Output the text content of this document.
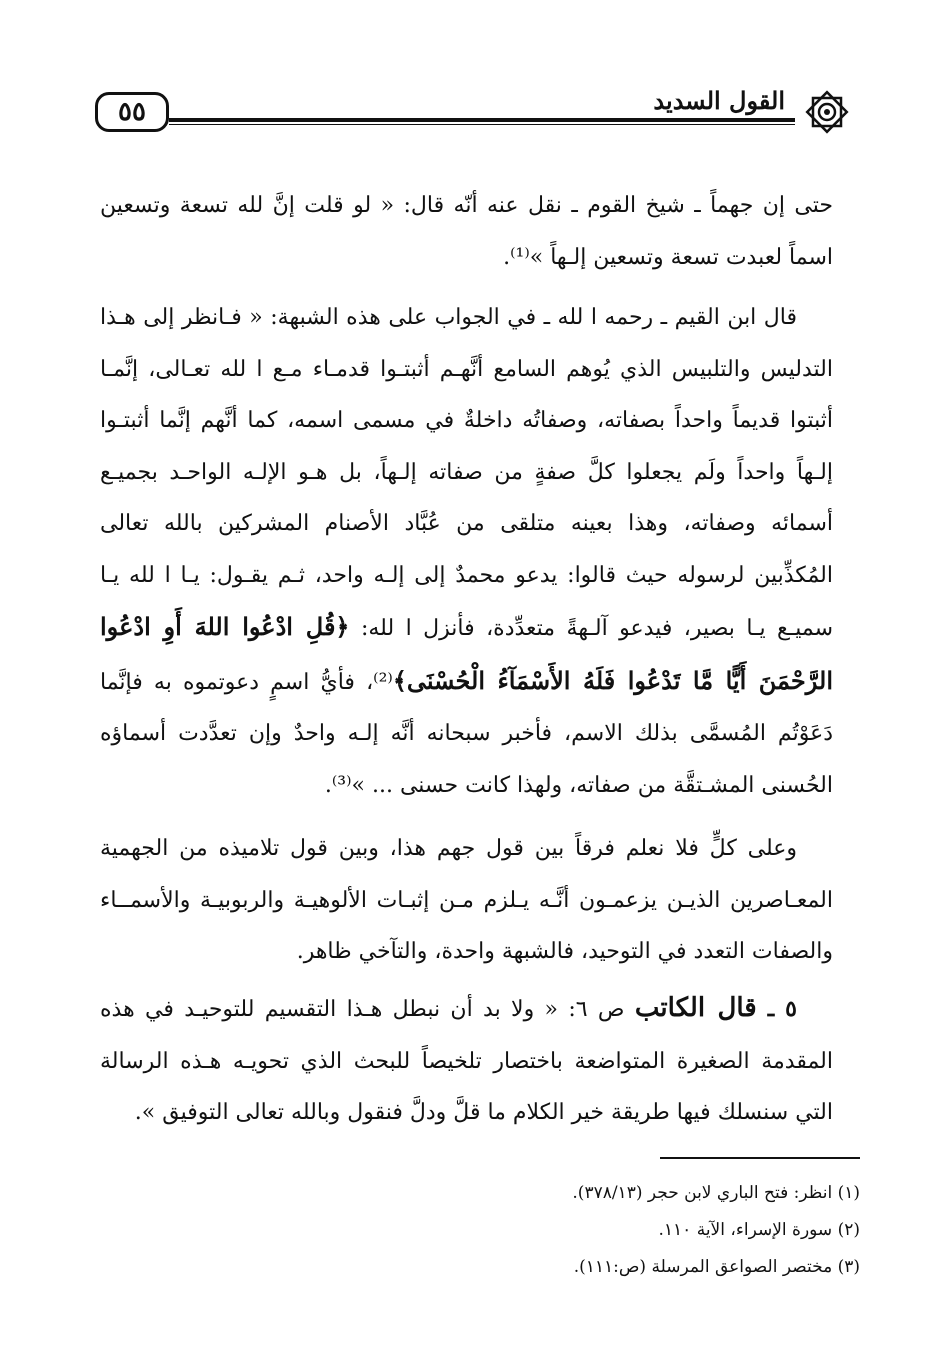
٥٥	القول السديد

حتى إن جهماً ـ شيخ القوم ـ نقل عنه أنّه قال: « لو قلت إنَّ لله تسعة وتسعين اسماً لعبدت تسعة وتسعين إلـهاً »⁽¹⁾.

قال ابن القيم ـ رحمه ا لله ـ في الجواب على هذه الشبهة: « فـانظر إلى هـذا التدليس والتلبيس الذي يُوهم السامع أنَّهـم أثبتـوا قدمـاء مـع ا لله تعـالى، إنَّمـا أثبتوا قديماً واحداً بصفاته، وصفاتُه داخلةٌ في مسمى اسمه، كما أنَّهم إنَّما أثبتـوا إلـهاً واحداً ولَم يجعلوا كلَّ صفةٍ من صفاته إلـهاً، بل هـو الإلـه الواحـد بجميـع أسمائه وصفاته، وهذا بعينه متلقى من عُبَّاد الأصنام المشركين بالله تعالى المُكذِّبين لرسوله حيث قالوا: يدعو محمدٌ إلى إلـه واحد، ثـم يقـول: يـا ا لله يـا سميـع يـا بصير، فيدعو آلـهةً متعدِّدة، فأنزل ا لله: ﴿قُلِ ادْعُوا اللهَ أَوِ ادْعُوا الرَّحْمَنَ أَيًّا مَّا تَدْعُوا فَلَهُ الأَسْمَآءُ الْحُسْنَى﴾⁽²⁾، فأيُّ اسمٍ دعوتموه به فإنَّما دَعَوْتُم المُسمَّى بذلك الاسم، فأخبر سبحانه أنَّه إلـه واحدٌ وإن تعدَّدت أسماؤه الحُسنى المشـتقَّة من صفاته، ولهذا كانت حسنى ... »⁽³⁾.

وعلى كلٍّ فلا نعلم فرقاً بين قول جهم هذا، وبين قول تلاميذه من الجهمية المعـاصرين الذيـن يزعمـون أنَّـه يـلزم مـن إثبـات الألوهيـة والربوبيـة والأسمــاء والصفات التعدد في التوحيد، فالشبهة واحدة، والتآخي ظاهر.

٥ ـ قال الكاتب ص ٦: « ولا بد أن نبطل هـذا التقسيم للتوحيـد في هذه المقدمة الصغيرة المتواضعة باختصار تلخيصاً للبحث الذي تحويـه هـذه الرسالة التي سنسلك فيها طريقة خير الكلام ما قلَّ ودلَّ فنقول وبالله تعالى التوفيق ».

(١) انظر: فتح الباري لابن حجر (٣٧٨/١٣).
(٢) سورة الإسراء، الآية ١١٠.
(٣) مختصر الصواعق المرسلة (ص:١١١).
